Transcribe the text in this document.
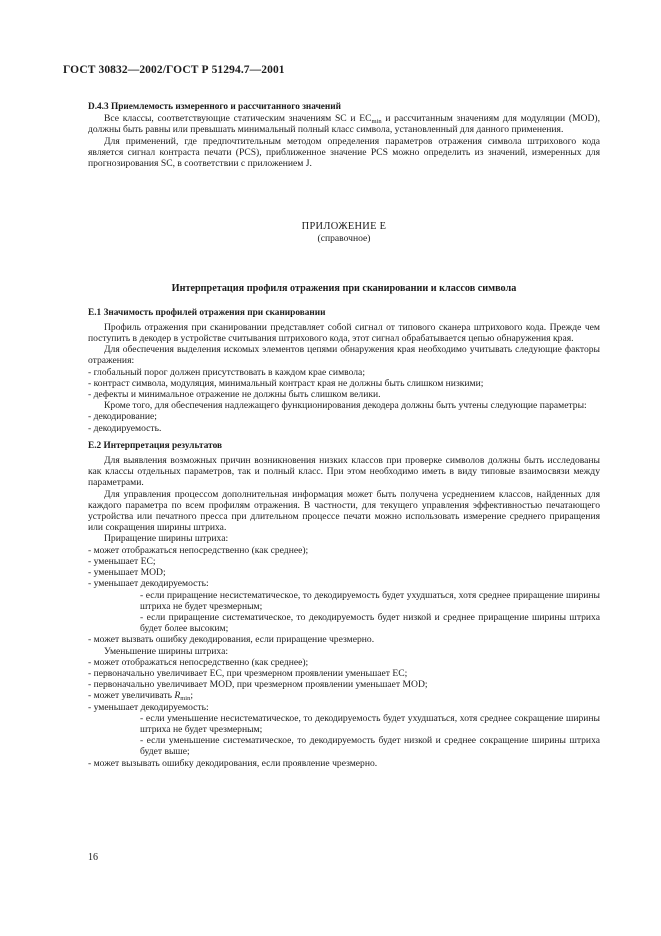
ГОСТ 30832—2002/ГОСТ Р 51294.7—2001

D.4.3 Приемлемость измеренного и рассчитанного значений

Все классы, соответствующие статическим значениям SC и $EC_{min}$ и рассчитанным значениям для модуляции (MOD), должны быть равны или превышать минимальный полный класс символа, установленный для данного применения.

Для применений, где предпочтительным методом определения параметров отражения символа штрихового кода является сигнал контраста печати (PCS), приближенное значение PCS можно определить из значений, измеренных для прогнозирования SC, в соответствии с приложением J.

ПРИЛОЖЕНИЕ Е

(справочное)

Интерпретация профиля отражения при сканировании и классов символа

Е.1 Значимость профилей отражения при сканировании

Профиль отражения при сканировании представляет собой сигнал от типового сканера штрихового кода. Прежде чем поступить в декодер в устройстве считывания штрихового кода, этот сигнал обрабатывается цепью обнаружения края.

Для обеспечения выделения искомых элементов цепями обнаружения края необходимо учитывать следующие факторы отражения:

- глобальный порог должен присутствовать в каждом крае символа;

- контраст символа, модуляция, минимальный контраст края не должны быть слишком низкими;

- дефекты и минимальное отражение не должны быть слишком велики.

Кроме того, для обеспечения надлежащего функционирования декодера должны быть учтены следующие параметры:

- декодирование;

- декодируемость.

Е.2 Интерпретация результатов

Для выявления возможных причин возникновения низких классов при проверке символов должны быть исследованы как классы отдельных параметров, так и полный класс. При этом необходимо иметь в виду типовые взаимосвязи между параметрами.

Для управления процессом дополнительная информация может быть получена усреднением классов, найденных для каждого параметра по всем профилям отражения. В частности, для текущего управления эффективностью печатающего устройства или печатного пресса при длительном процессе печати можно использовать измерение среднего приращения или сокращения ширины штриха.

Приращение ширины штриха:

- может отображаться непосредственно (как среднее);

- уменьшает EC;

- уменьшает MOD;

- уменьшает декодируемость:

- если приращение несистематическое, то декодируемость будет ухудшаться, хотя среднее приращение ширины штриха не будет чрезмерным;

- если приращение систематическое, то декодируемость будет низкой и среднее приращение ширины штриха будет более высоким;

- может вызвать ошибку декодирования, если приращение чрезмерно.

Уменьшение ширины штриха:

- может отображаться непосредственно (как среднее);

- первоначально увеличивает EC, при чрезмерном проявлении уменьшает EC;

- первоначально увеличивает MOD, при чрезмерном проявлении уменьшает MOD;

- может увеличивать $R_{min}$;

- уменьшает декодируемость:

- если уменьшение несистематическое, то декодируемость будет ухудшаться, хотя среднее сокращение ширины штриха не будет чрезмерным;

- если уменьшение систематическое, то декодируемость будет низкой и среднее сокращение ширины штриха будет выше;

- может вызывать ошибку декодирования, если проявление чрезмерно.

16
